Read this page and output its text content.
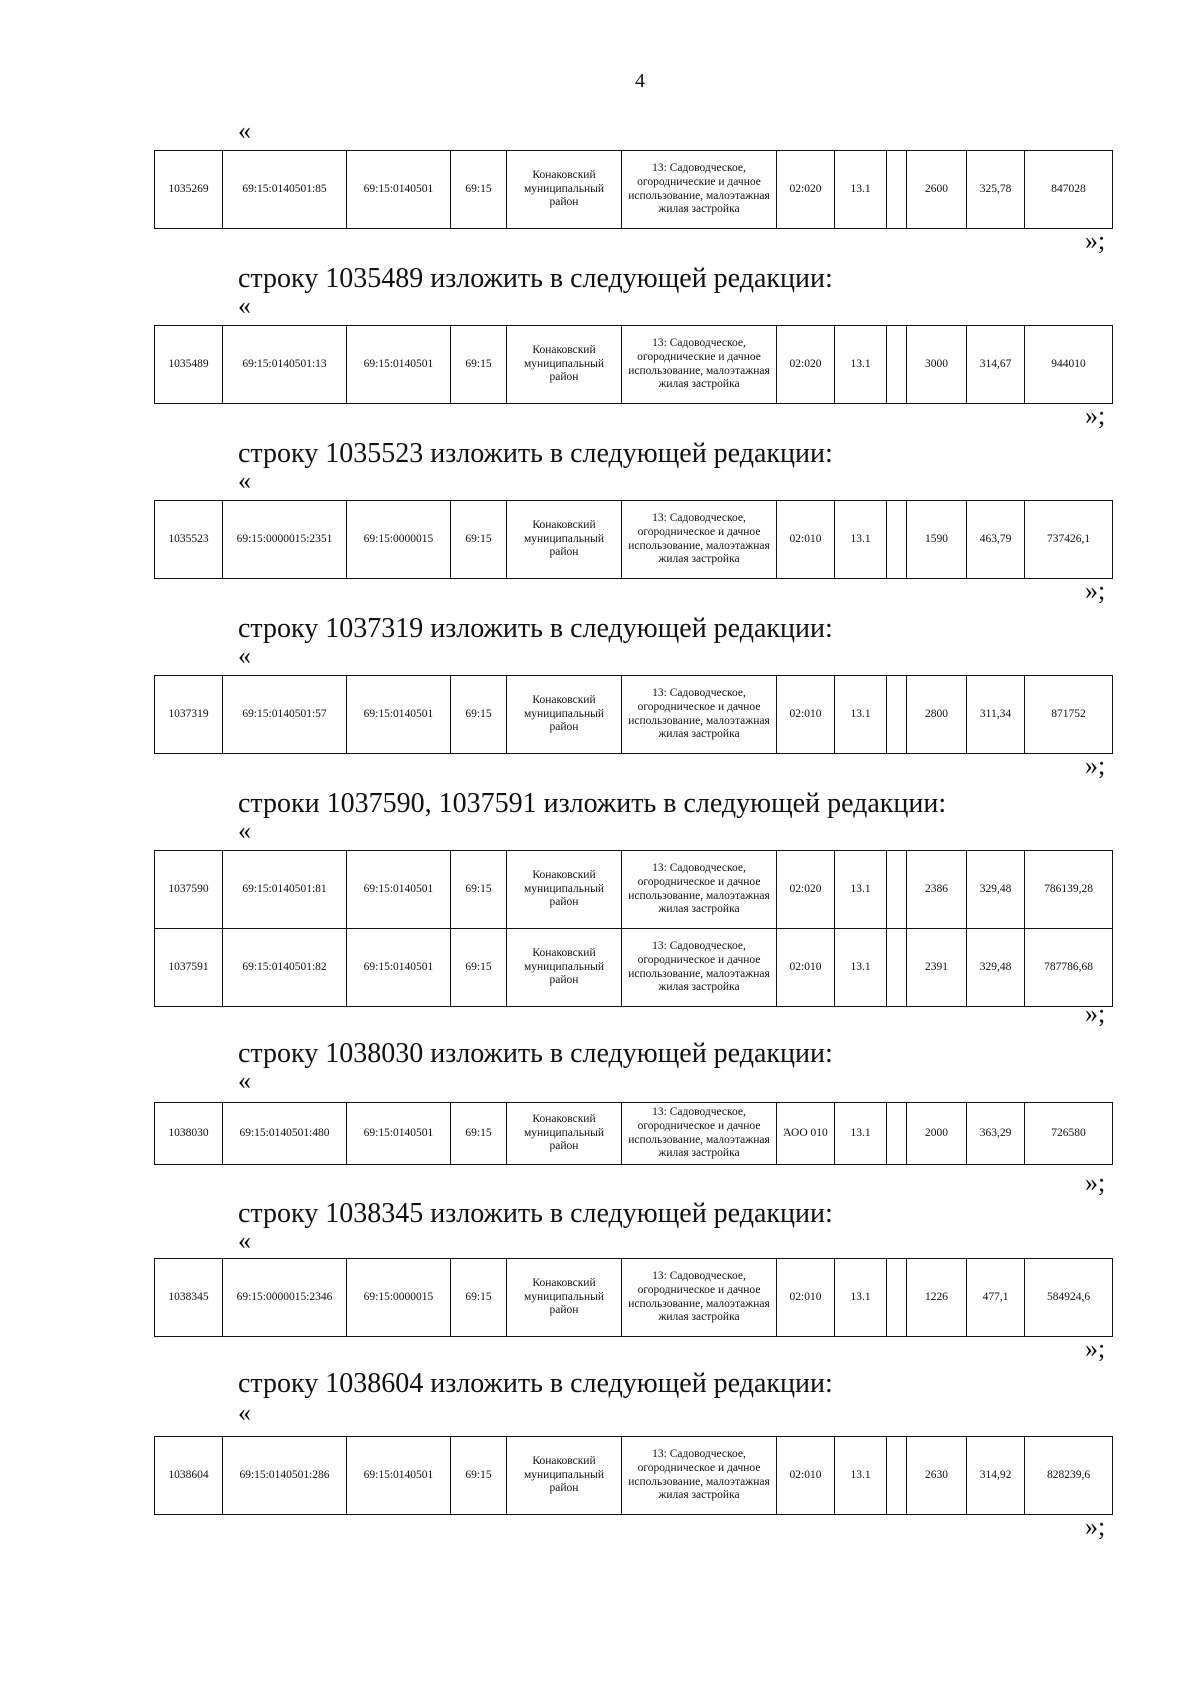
4
«
1035269	69:15:0140501:85	69:15:0140501	69:15	Конаковский муниципальный район	13: Садоводческое, огороднические и дачное использование, малоэтажная жилая застройка	02:020	13.1		2600	325,78	847028
»;
строку 1035489 изложить в следующей редакции:
«
1035489	69:15:0140501:13	69:15:0140501	69:15	Конаковский муниципальный район	13: Садоводческое, огороднические и дачное использование, малоэтажная жилая застройка	02:020	13.1		3000	314,67	944010
»;
строку 1035523 изложить в следующей редакции:
«
1035523	69:15:0000015:2351	69:15:0000015	69:15	Конаковский муниципальный район	13: Садоводческое, огородническое и дачное использование, малоэтажная жилая застройка	02:010	13.1		1590	463,79	737426,1
»;
строку 1037319 изложить в следующей редакции:
«
1037319	69:15:0140501:57	69:15:0140501	69:15	Конаковский муниципальный район	13: Садоводческое, огородническое и дачное использование, малоэтажная жилая застройка	02:010	13.1		2800	311,34	871752
»;
строки 1037590, 1037591 изложить в следующей редакции:
«
1037590	69:15:0140501:81	69:15:0140501	69:15	Конаковский муниципальный район	13: Садоводческое, огородническое и дачное использование, малоэтажная жилая застройка	02:020	13.1		2386	329,48	786139,28
1037591	69:15:0140501:82	69:15:0140501	69:15	Конаковский муниципальный район	13: Садоводческое, огородническое и дачное использование, малоэтажная жилая застройка	02:010	13.1		2391	329,48	787786,68
»;
строку 1038030 изложить в следующей редакции:
«
1038030	69:15:0140501:480	69:15:0140501	69:15	Конаковский муниципальный район	13: Садоводческое, огородническое и дачное использование, малоэтажная жилая застройка	ΆΟΟ 010	13.1		2000	363,29	726580
»;
строку 1038345 изложить в следующей редакции:
«
1038345	69:15:0000015:2346	69:15:0000015	69:15	Конаковский муниципальный район	13: Садоводческое, огородническое и дачное использование, малоэтажная жилая застройка	02:010	13.1		1226	477,1	584924,6
»;
строку 1038604 изложить в следующей редакции:
«
1038604	69:15:0140501:286	69:15:0140501	69:15	Конаковский муниципальный район	13: Садоводческое, огородническое и дачное использование, малоэтажная жилая застройка	02:010	13.1		2630	314,92	828239,6
»;
